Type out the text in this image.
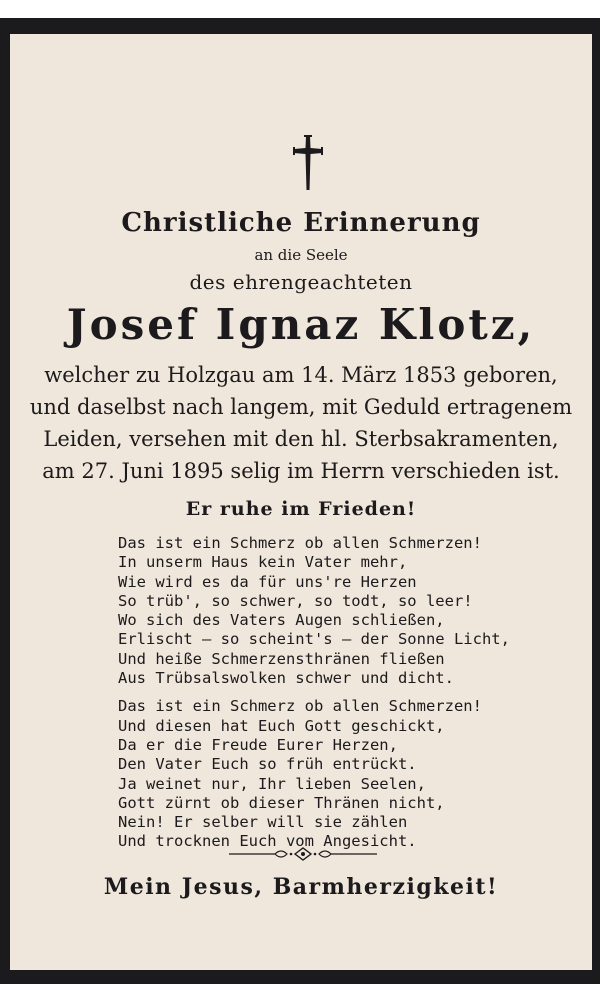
Christliche Erinnerung
an die Seele
des ehrengeachteten
Josef Ignaz Klotz,
welcher zu Holzgau am 14. März 1853 geboren,
und daselbst nach langem, mit Geduld ertragenem
Leiden, versehen mit den hl. Sterbsakramenten,
am 27. Juni 1895 selig im Herrn verschieden ist.
Er ruhe im Frieden!
Das ist ein Schmerz ob allen Schmerzen!
In unserm Haus kein Vater mehr,
Wie wird es da für uns're Herzen
So trüb', so schwer, so todt, so leer!
Wo sich des Vaters Augen schließen,
Erlischt — so scheint's — der Sonne Licht,
Und heiße Schmerzensthränen fließen
Aus Trübsalswolken schwer und dicht.
Das ist ein Schmerz ob allen Schmerzen!
Und diesen hat Euch Gott geschickt,
Da er die Freude Eurer Herzen,
Den Vater Euch so früh entrückt.
Ja weinet nur, Ihr lieben Seelen,
Gott zürnt ob dieser Thränen nicht,
Nein! Er selber will sie zählen
Und trocknen Euch vom Angesicht.
Mein Jesus, Barmherzigkeit!
